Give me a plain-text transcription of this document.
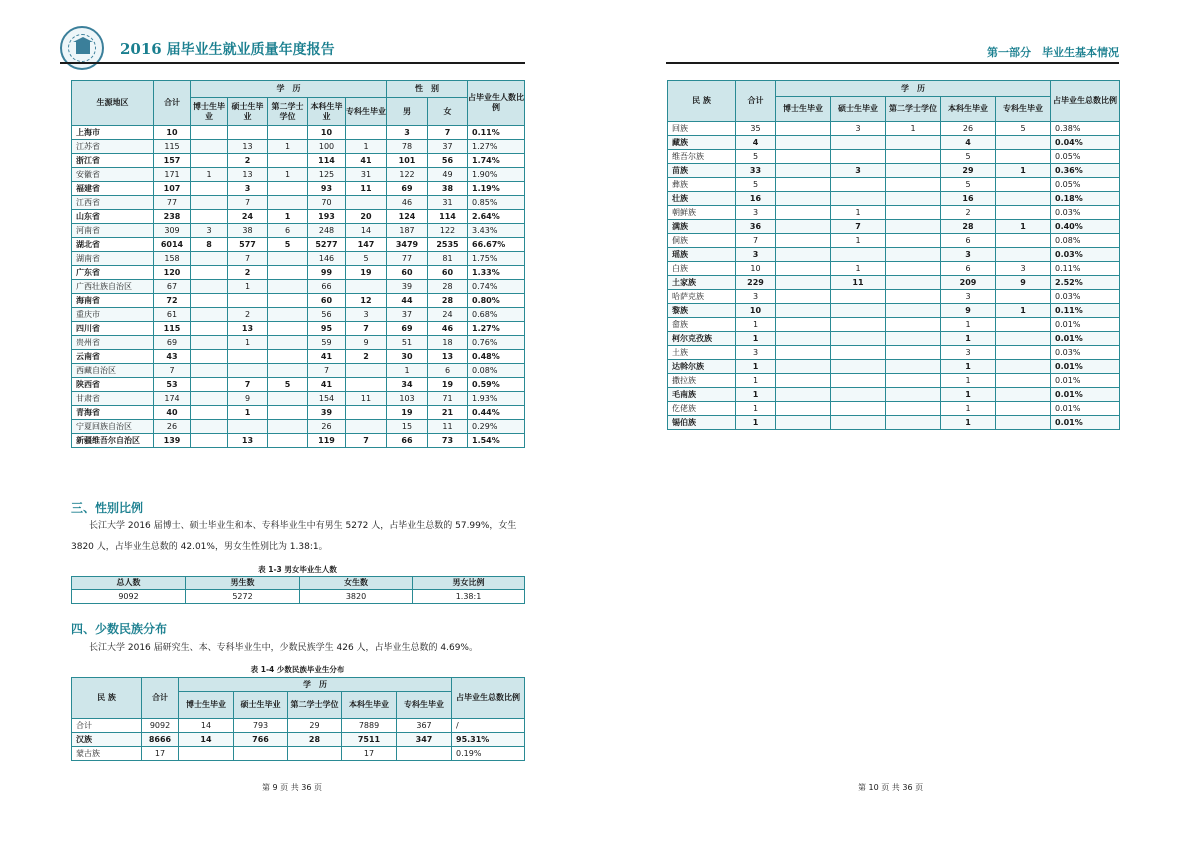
2016 届毕业生就业质量年度报告	第一部分　毕业生基本情况
生源地区	合计	学　历					性　别		占毕业生人数比例
		博士生毕业	硕士生毕业	第二学士学位	本科生毕业	专科生毕业	男	女	
上海市	10				10		3	7	0.11%
江苏省	115		13	1	100	1	78	37	1.27%
浙江省	157		2		114	41	101	56	1.74%
安徽省	171	1	13	1	125	31	122	49	1.90%
福建省	107		3		93	11	69	38	1.19%
江西省	77		7		70		46	31	0.85%
山东省	238		24	1	193	20	124	114	2.64%
河南省	309	3	38	6	248	14	187	122	3.43%
湖北省	6014	8	577	5	5277	147	3479	2535	66.67%
湖南省	158		7		146	5	77	81	1.75%
广东省	120		2		99	19	60	60	1.33%
广西壮族自治区	67		1		66		39	28	0.74%
海南省	72				60	12	44	28	0.80%
重庆市	61		2		56	3	37	24	0.68%
四川省	115		13		95	7	69	46	1.27%
贵州省	69		1		59	9	51	18	0.76%
云南省	43				41	2	30	13	0.48%
西藏自治区	7				7		1	6	0.08%
陕西省	53		7	5	41		34	19	0.59%
甘肃省	174		9		154	11	103	71	1.93%
青海省	40		1		39		19	21	0.44%
宁夏回族自治区	26				26		15	11	0.29%
新疆维吾尔自治区	139		13		119	7	66	73	1.54%
三、性别比例
长江大学 2016 届博士、硕士毕业生和本、专科毕业生中有男生 5272 人，占毕业生总数的 57.99%，女生 3820 人，占毕业生总数的 42.01%，男女生性别比为 1.38:1。
表 1-3 男女毕业生人数
总人数	男生数	女生数	男女比例
9092	5272	3820	1.38:1
四、少数民族分布
长江大学 2016 届研究生、本、专科毕业生中，少数民族学生 426 人，占毕业生总数的 4.69%。
表 1-4 少数民族毕业生分布
民 族	合计	学　历					占毕业生总数比例
		博士生毕业	硕士生毕业	第二学士学位	本科生毕业	专科生毕业	
合计	9092	14	793	29	7889	367	/
汉族	8666	14	766	28	7511	347	95.31%
蒙古族	17				17		0.19%
民 族	合计	学　历					占毕业生总数比例
		博士生毕业	硕士生毕业	第二学士学位	本科生毕业	专科生毕业	
回族	35		3	1	26	5	0.38%
藏族	4				4		0.04%
维吾尔族	5				5		0.05%
苗族	33		3		29	1	0.36%
彝族	5				5		0.05%
壮族	16				16		0.18%
朝鲜族	3		1		2		0.03%
满族	36		7		28	1	0.40%
侗族	7		1		6		0.08%
瑶族	3				3		0.03%
白族	10		1		6	3	0.11%
土家族	229		11		209	9	2.52%
哈萨克族	3				3		0.03%
黎族	10				9	1	0.11%
畲族	1				1		0.01%
柯尔克孜族	1				1		0.01%
土族	3				3		0.03%
达斡尔族	1				1		0.01%
撒拉族	1				1		0.01%
毛南族	1				1		0.01%
仡佬族	1				1		0.01%
锡伯族	1				1		0.01%
第 9 页 共 36 页	第 10 页 共 36 页
